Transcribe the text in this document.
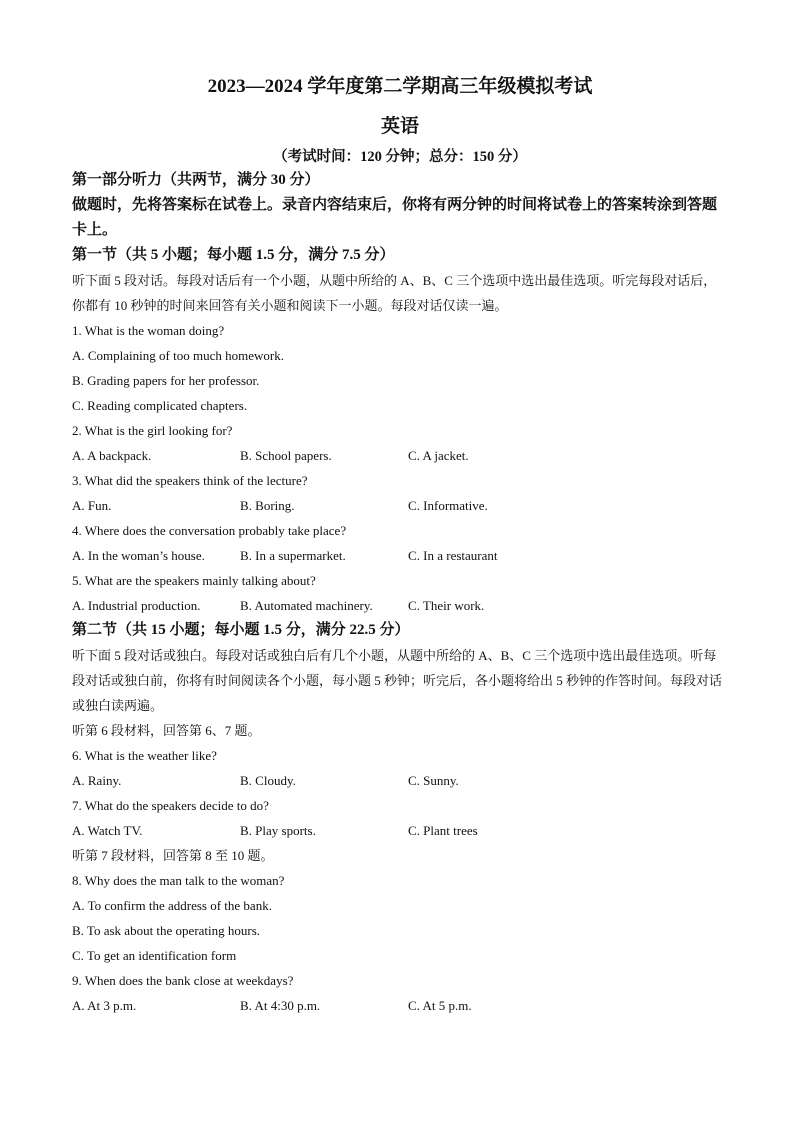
2023—2024 学年度第二学期高三年级模拟考试
英语
（考试时间：120 分钟；总分：150 分）
第一部分听力（共两节，满分 30 分）
做题时，先将答案标在试卷上。录音内容结束后，你将有两分钟的时间将试卷上的答案转涂到答题卡上。
第一节（共 5 小题；每小题 1.5 分，满分 7.5 分）
听下面 5 段对话。每段对话后有一个小题，从题中所给的 A、B、C 三个选项中选出最佳选项。听完每段对话后，你都有 10 秒钟的时间来回答有关小题和阅读下一小题。每段对话仅读一遍。
1. What is the woman doing?
A. Complaining of too much homework.
B. Grading papers for her professor.
C. Reading complicated chapters.
2. What is the girl looking for?
A. A backpack.	B. School papers.	C. A jacket.
3. What did the speakers think of the lecture?
A. Fun.	B. Boring.	C. Informative.
4. Where does the conversation probably take place?
A. In the woman’s house.	B. In a supermarket.	C. In a restaurant
5. What are the speakers mainly talking about?
A. Industrial production.	B. Automated machinery.	C. Their work.
第二节（共 15 小题；每小题 1.5 分，满分 22.5 分）
听下面 5 段对话或独白。每段对话或独白后有几个小题，从题中所给的 A、B、C 三个选项中选出最佳选项。听每段对话或独白前，你将有时间阅读各个小题，每小题 5 秒钟；听完后，各小题将给出 5 秒钟的作答时间。每段对话或独白读两遍。
听第 6 段材料，回答第 6、7 题。
6. What is the weather like?
A. Rainy.	B. Cloudy.	C. Sunny.
7. What do the speakers decide to do?
A. Watch TV.	B. Play sports.	C. Plant trees
听第 7 段材料，回答第 8 至 10 题。
8. Why does the man talk to the woman?
A. To confirm the address of the bank.
B. To ask about the operating hours.
C. To get an identification form
9. When does the bank close at weekdays?
A. At 3 p.m.	B. At 4:30 p.m.	C. At 5 p.m.
